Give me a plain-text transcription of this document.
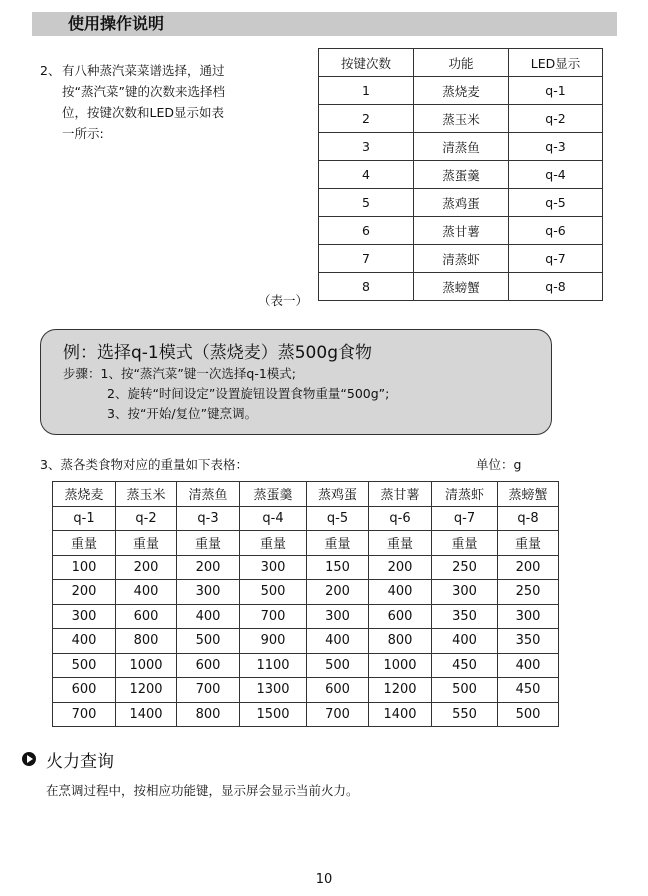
使用操作说明
2、 有八种蒸汽菜菜谱选择，通过
按“蒸汽菜”键的次数来选择档
位，按键次数和LED显示如表
一所示:
按键次数	功能	LED显示
1	蒸烧麦	q-1
2	蒸玉米	q-2
3	清蒸鱼	q-3
4	蒸蛋羹	q-4
5	蒸鸡蛋	q-5
6	蒸甘薯	q-6
7	清蒸虾	q-7
8	蒸螃蟹	q-8
（表一）
例：选择q-1模式（蒸烧麦）蒸500g食物
步骤：1、按“蒸汽菜”键一次选择q-1模式;
2、旋转“时间设定”设置旋钮设置食物重量“500g”;
3、按“开始/复位”键烹调。
3、蒸各类食物对应的重量如下表格：	单位：g
蒸烧麦	蒸玉米	清蒸鱼	蒸蛋羹	蒸鸡蛋	蒸甘薯	清蒸虾	蒸螃蟹
q-1	q-2	q-3	q-4	q-5	q-6	q-7	q-8
重量	重量	重量	重量	重量	重量	重量	重量
100	200	200	300	150	200	250	200
200	400	300	500	200	400	300	250
300	600	400	700	300	600	350	300
400	800	500	900	400	800	400	350
500	1000	600	1100	500	1000	450	400
600	1200	700	1300	600	1200	500	450
700	1400	800	1500	700	1400	550	500
火力查询
在烹调过程中，按相应功能键，显示屏会显示当前火力。
10
